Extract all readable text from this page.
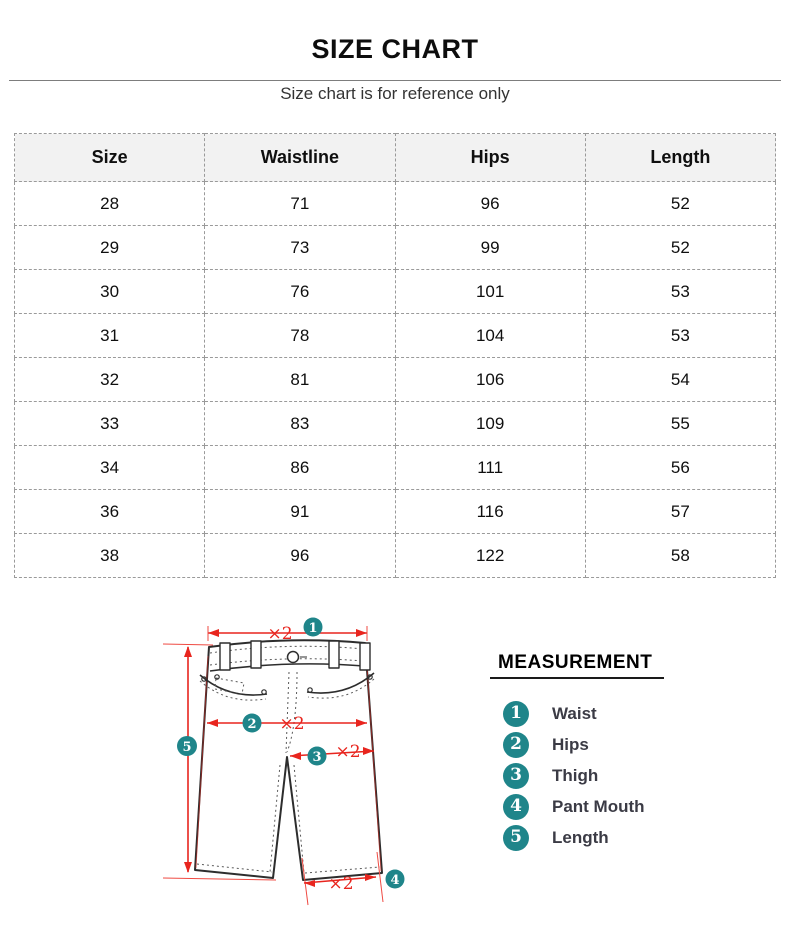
SIZE CHART

Size chart is for reference only

Size	Waistline	Hips	Length
28	71	96	52
29	73	99	52
30	76	101	53
31	78	104	53
32	81	106	54
33	83	109	55
34	86	111	56
36	91	116	57
38	96	122	58
×2 1
5
2 ×2
3 ×2
×2	4
MEASUREMENT
1	Waist
2	Hips
3	Thigh
4	Pant Mouth
5	Length
